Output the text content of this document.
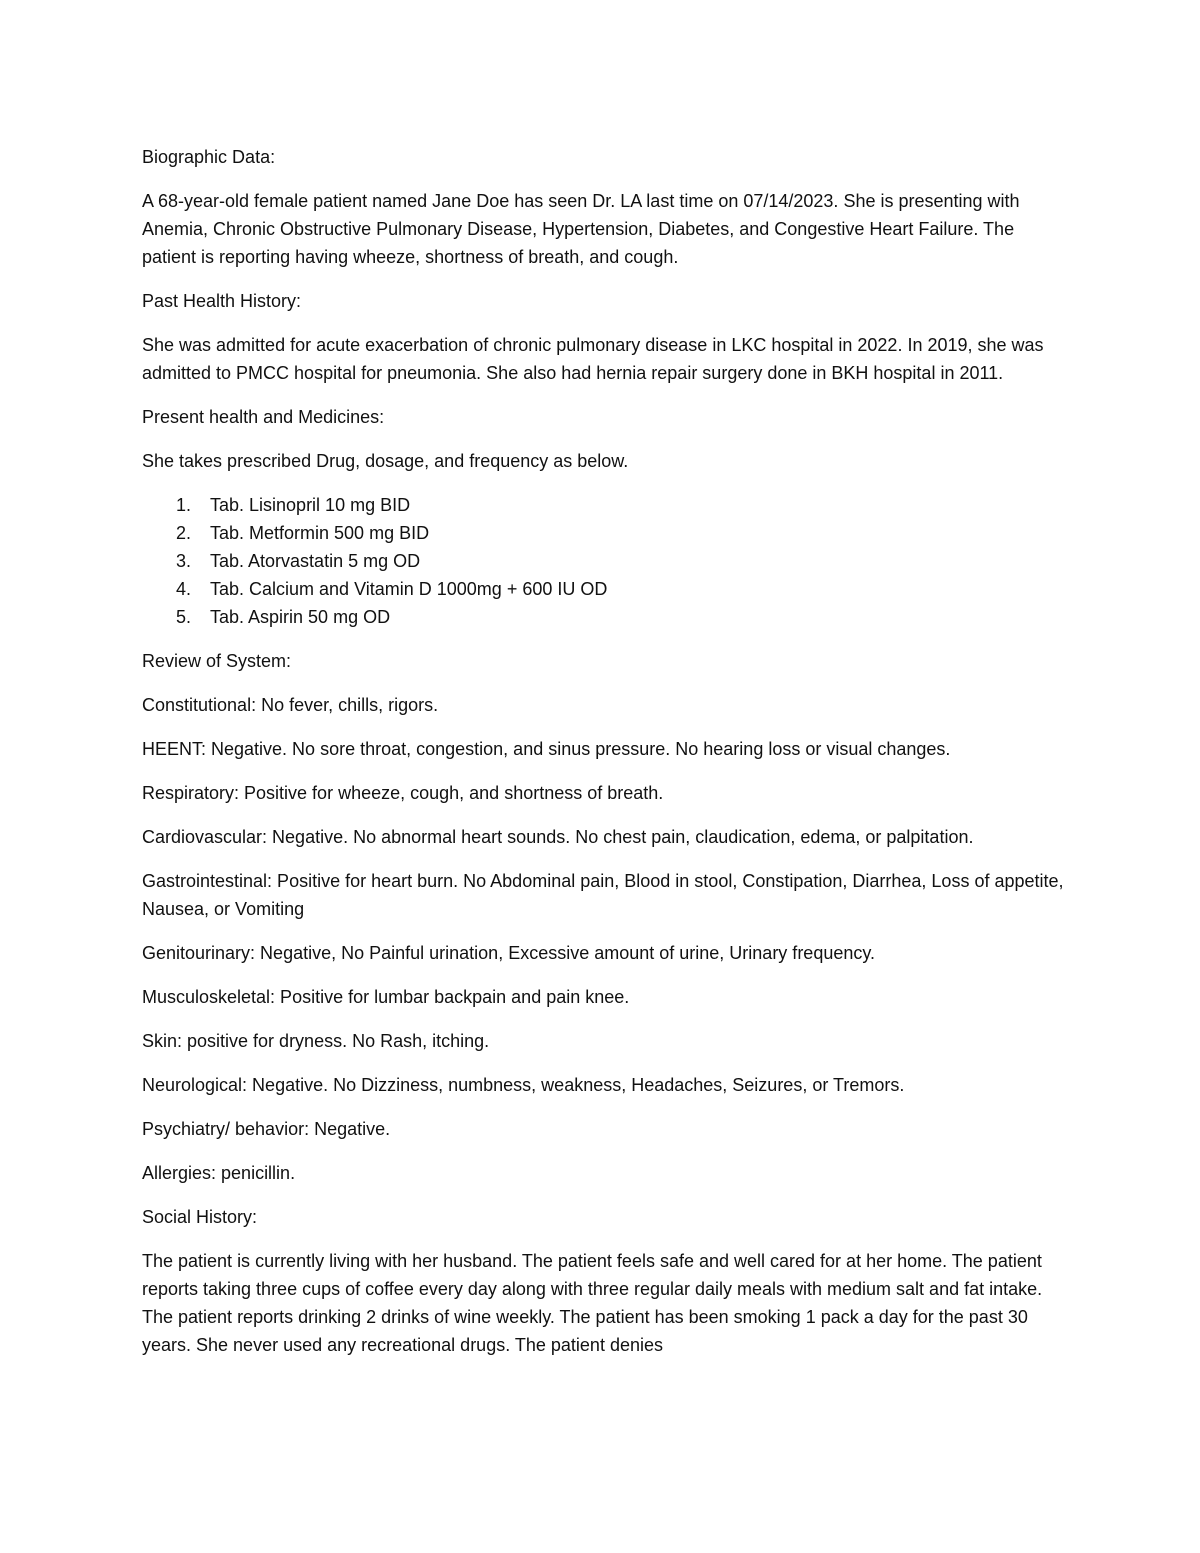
Biographic Data:

A 68-year-old female patient named Jane Doe has seen Dr. LA last time on 07/14/2023. She is presenting with Anemia, Chronic Obstructive Pulmonary Disease, Hypertension, Diabetes, and Congestive Heart Failure. The patient is reporting having wheeze, shortness of breath, and cough.

Past Health History:

She was admitted for acute exacerbation of chronic pulmonary disease in LKC hospital in 2022. In 2019, she was admitted to PMCC hospital for pneumonia. She also had hernia repair surgery done in BKH hospital in 2011.

Present health and Medicines:

She takes prescribed Drug, dosage, and frequency as below.

1.	Tab. Lisinopril 10 mg BID
2.	Tab. Metformin 500 mg BID
3.	Tab. Atorvastatin 5 mg OD
4.	Tab. Calcium and Vitamin D 1000mg + 600 IU OD
5.	Tab. Aspirin 50 mg OD

Review of System:

Constitutional: No fever, chills, rigors.

HEENT: Negative. No sore throat, congestion, and sinus pressure. No hearing loss or visual changes.

Respiratory: Positive for wheeze, cough, and shortness of breath.

Cardiovascular: Negative. No abnormal heart sounds. No chest pain, claudication, edema, or palpitation.

Gastrointestinal: Positive for heart burn. No Abdominal pain, Blood in stool, Constipation, Diarrhea, Loss of appetite, Nausea, or Vomiting

Genitourinary: Negative, No Painful urination, Excessive amount of urine, Urinary frequency.

Musculoskeletal: Positive for lumbar backpain and pain knee.

Skin: positive for dryness. No Rash, itching.

Neurological: Negative. No Dizziness, numbness, weakness, Headaches, Seizures, or Tremors.

Psychiatry/ behavior: Negative.

Allergies: penicillin.

Social History:

The patient is currently living with her husband. The patient feels safe and well cared for at her home. The patient reports taking three cups of coffee every day along with three regular daily meals with medium salt and fat intake. The patient reports drinking 2 drinks of wine weekly. The patient has been smoking 1 pack a day for the past 30 years. She never used any recreational drugs. The patient denies
